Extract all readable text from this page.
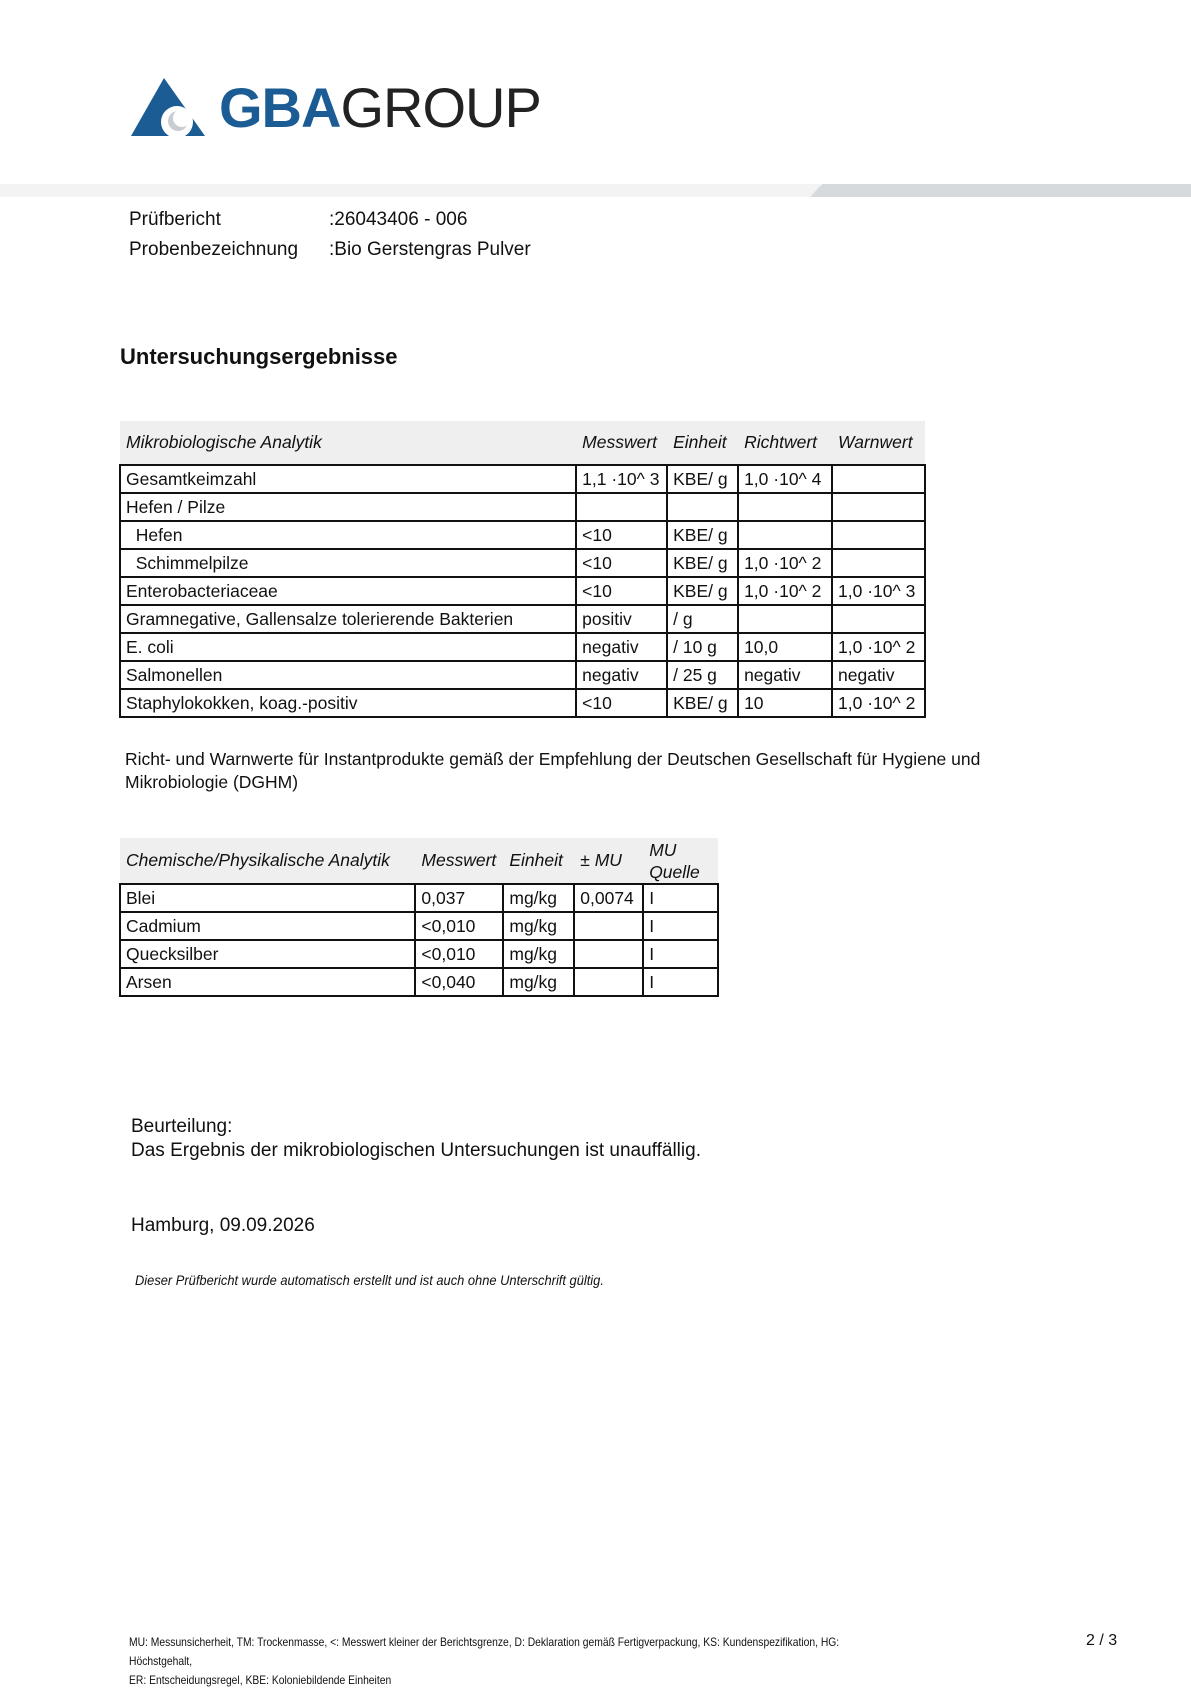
GBAGROUP
Prüfbericht	:26043406 - 006
Probenbezeichnung :Bio Gerstengras Pulver
Untersuchungsergebnisse
Mikrobiologische Analytik	Messwert	Einheit	Richtwert	Warnwert
Gesamtkeimzahl	1,1 ·10^ 3	KBE/ g	1,0 ·10^ 4	
Hefen / Pilze				
Hefen	<10	KBE/ g		
Schimmelpilze	<10	KBE/ g	1,0 ·10^ 2	
Enterobacteriaceae	<10	KBE/ g	1,0 ·10^ 2	1,0 ·10^ 3
Gramnegative, Gallensalze tolerierende Bakterien	positiv	/ g		
E. coli	negativ	/ 10 g	10,0	1,0 ·10^ 2
Salmonellen	negativ	/ 25 g	negativ	negativ
Staphylokokken, koag.-positiv	<10	KBE/ g	10	1,0 ·10^ 2
Richt- und Warnwerte für Instantprodukte gemäß der Empfehlung der Deutschen Gesellschaft für Hygiene und Mikrobiologie (DGHM)
Chemische/Physikalische Analytik	Messwert	Einheit	± MU	MU Quelle
Blei	0,037	mg/kg	0,0074	I
Cadmium	<0,010	mg/kg		I
Quecksilber	<0,010	mg/kg		I
Arsen	<0,040	mg/kg		I
Beurteilung:
Das Ergebnis der mikrobiologischen Untersuchungen ist unauffällig.
Hamburg, 09.09.2026
Dieser Prüfbericht wurde automatisch erstellt und ist auch ohne Unterschrift gültig.
MU: Messunsicherheit, TM: Trockenmasse, <: Messwert kleiner der Berichtsgrenze, D: Deklaration gemäß Fertigverpackung, KS: Kundenspezifikation, HG: Höchstgehalt,
ER: Entscheidungsregel, KBE: Koloniebildende Einheiten
2 / 3
